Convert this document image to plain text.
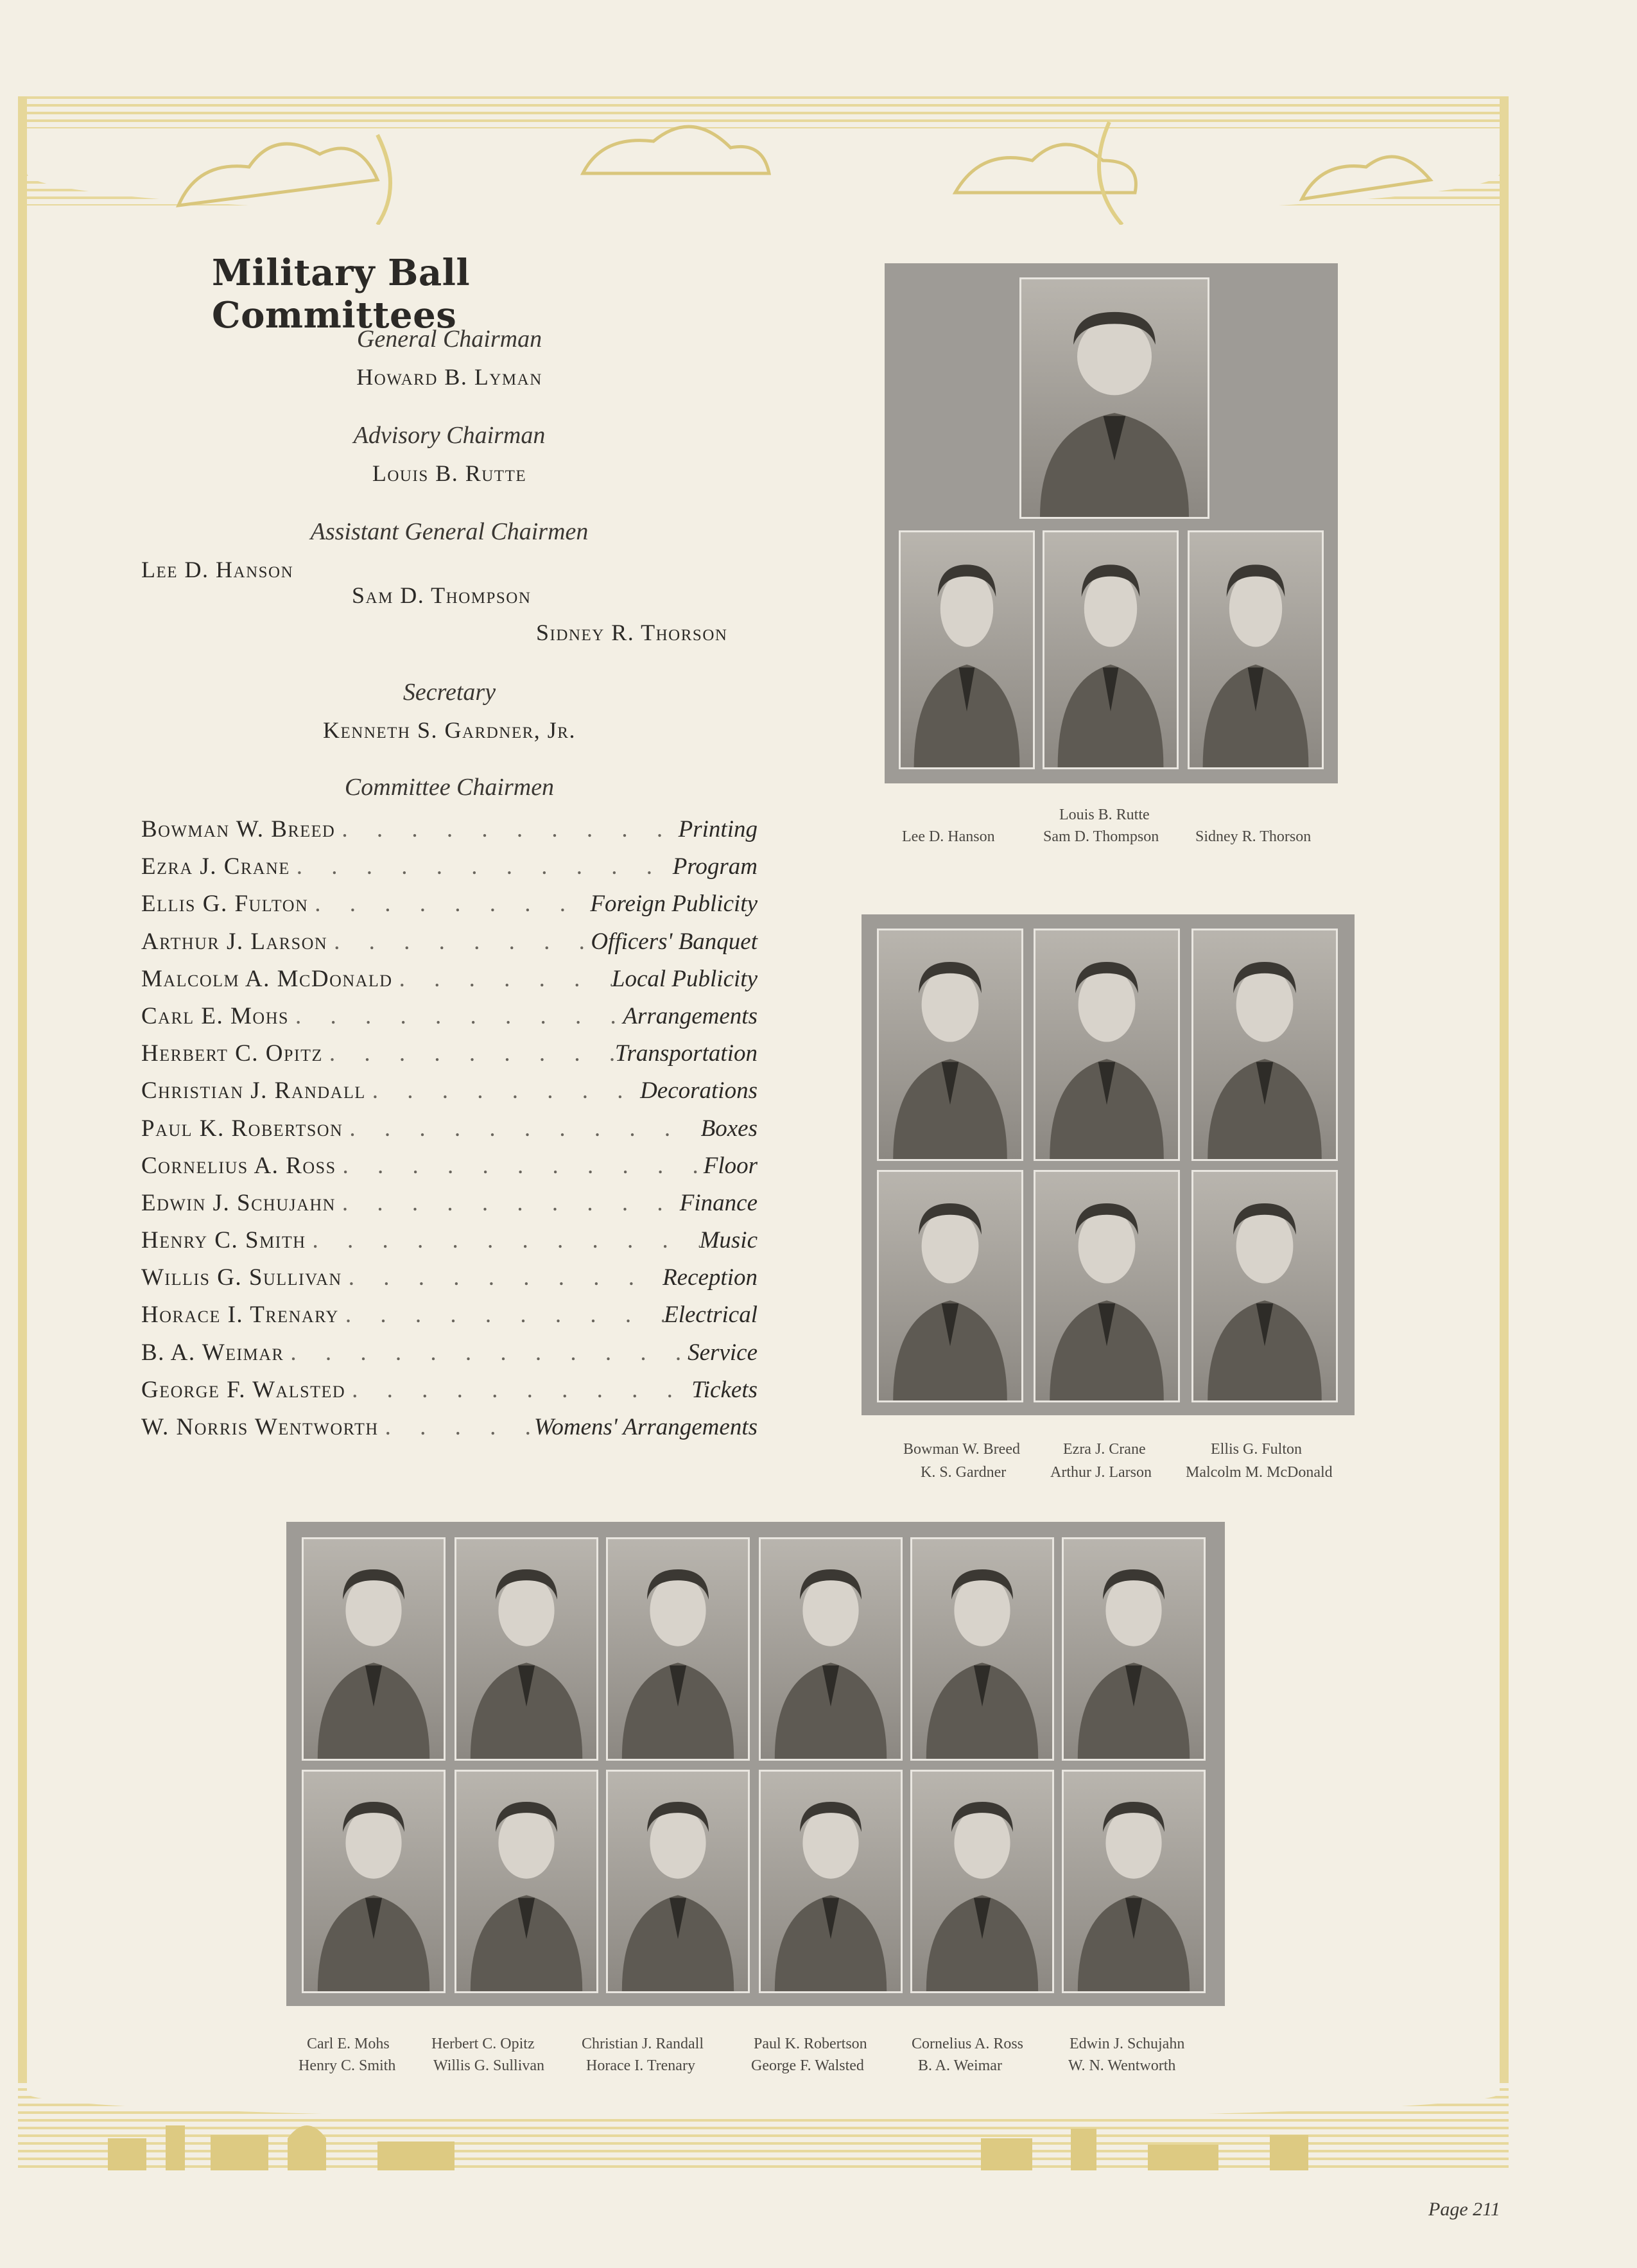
Military Ball Committees
General Chairman
Howard B. Lyman
Advisory Chairman
Louis B. Rutte
Assistant General Chairmen
Lee D. Hanson
Sam D. Thompson
Sidney R. Thorson
Secretary
Kenneth S. Gardner, Jr.
Committee Chairmen
Bowman W. Breed . . .	Printing
Ezra J. Crane . . .	Program
Ellis G. Fulton . . .	Foreign Publicity
Arthur J. Larson . . .	Officers' Banquet
Malcolm A. McDonald . . .	Local Publicity
Carl E. Mohs . . .	Arrangements
Herbert C. Opitz . . .	Transportation
Christian J. Randall . . .	Decorations
Paul K. Robertson . . .	Boxes
Cornelius A. Ross . . .	Floor
Edwin J. Schujahn . . .	Finance
Henry C. Smith . . .	Music
Willis G. Sullivan . . .	Reception
Horace I. Trenary . . .	Electrical
B. A. Weimar . . .	Service
George F. Walsted . . .	Tickets
W. Norris Wentworth . . .	Womens' Arrangements
Louis B. Rutte
Lee D. Hanson	Sam D. Thompson Sidney R. Thorson
Bowman W. Breed	Ezra J. Crane	Ellis G. Fulton
K. S. Gardner	Arthur J. Larson Malcolm M. McDonald
Carl E. Mohs	Herbert C. Opitz	Christian J. Randall	Paul K. Robertson	Cornelius A. Ross	Edwin J. Schujahn
Henry C. Smith Willis G. Sullivan	Horace I. Trenary	George F. Walsted	B. A. Weimar	W. N. Wentworth
Page 211
